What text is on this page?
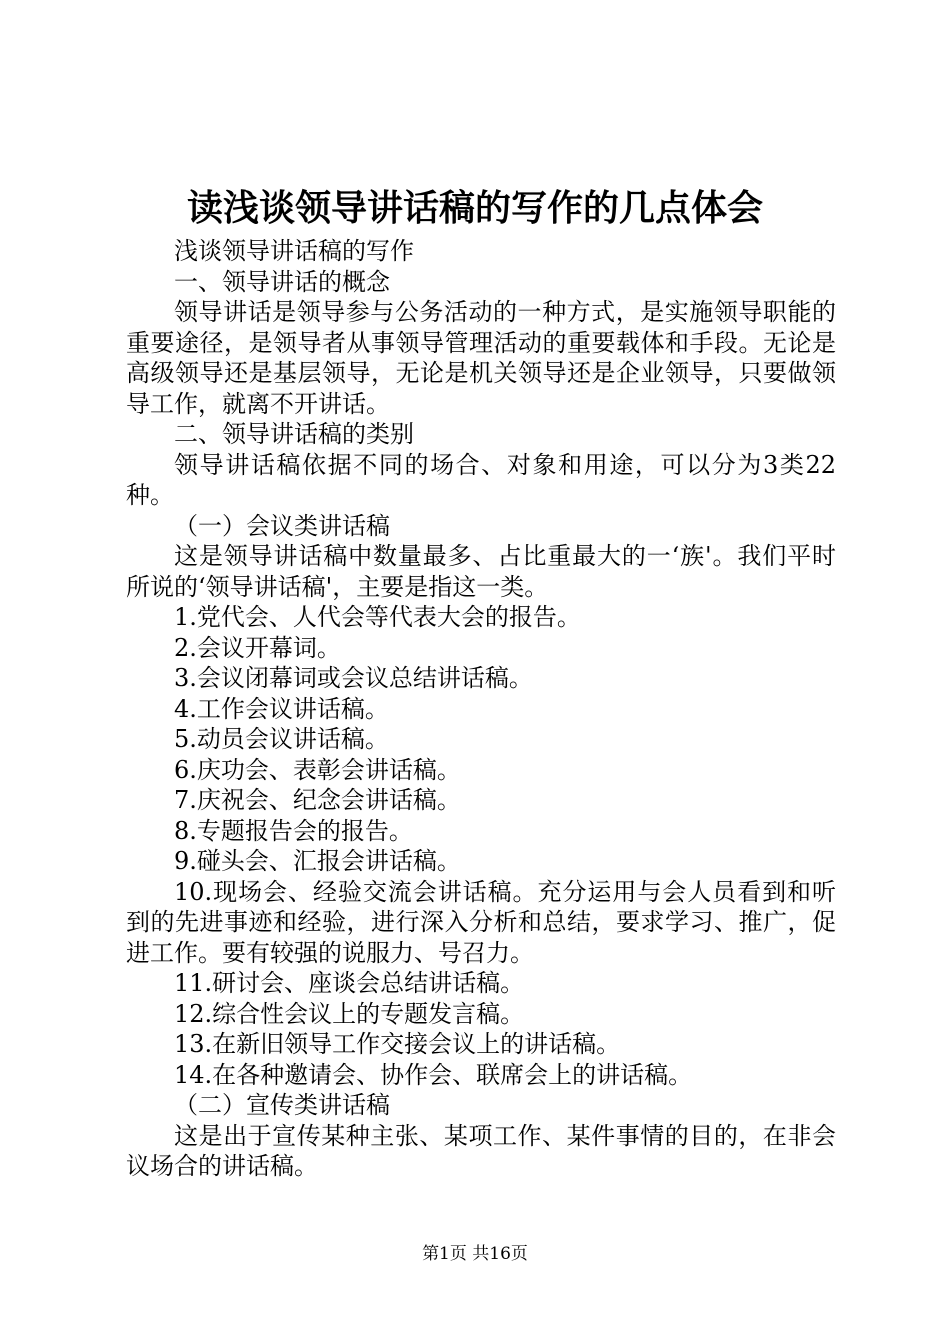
读浅谈领导讲话稿的写作的几点体会

浅谈领导讲话稿的写作

一、领导讲话的概念

领导讲话是领导参与公务活动的一种方式，是实施领导职能的重要途径，是领导者从事领导管理活动的重要载体和手段。无论是高级领导还是基层领导，无论是机关领导还是企业领导，只要做领导工作，就离不开讲话。

二、领导讲话稿的类别

领导讲话稿依据不同的场合、对象和用途，可以分为3类22种。

（一）会议类讲话稿

这是领导讲话稿中数量最多、占比重最大的一‘族'。我们平时所说的‘领导讲话稿'，主要是指这一类。

1.党代会、人代会等代表大会的报告。

2.会议开幕词。

3.会议闭幕词或会议总结讲话稿。

4.工作会议讲话稿。

5.动员会议讲话稿。

6.庆功会、表彰会讲话稿。

7.庆祝会、纪念会讲话稿。

8.专题报告会的报告。

9.碰头会、汇报会讲话稿。

10.现场会、经验交流会讲话稿。充分运用与会人员看到和听到的先进事迹和经验，进行深入分析和总结，要求学习、推广，促进工作。要有较强的说服力、号召力。

11.研讨会、座谈会总结讲话稿。

12.综合性会议上的专题发言稿。

13.在新旧领导工作交接会议上的讲话稿。

14.在各种邀请会、协作会、联席会上的讲话稿。

（二）宣传类讲话稿

这是出于宣传某种主张、某项工作、某件事情的目的，在非会议场合的讲话稿。

第1页 共16页
